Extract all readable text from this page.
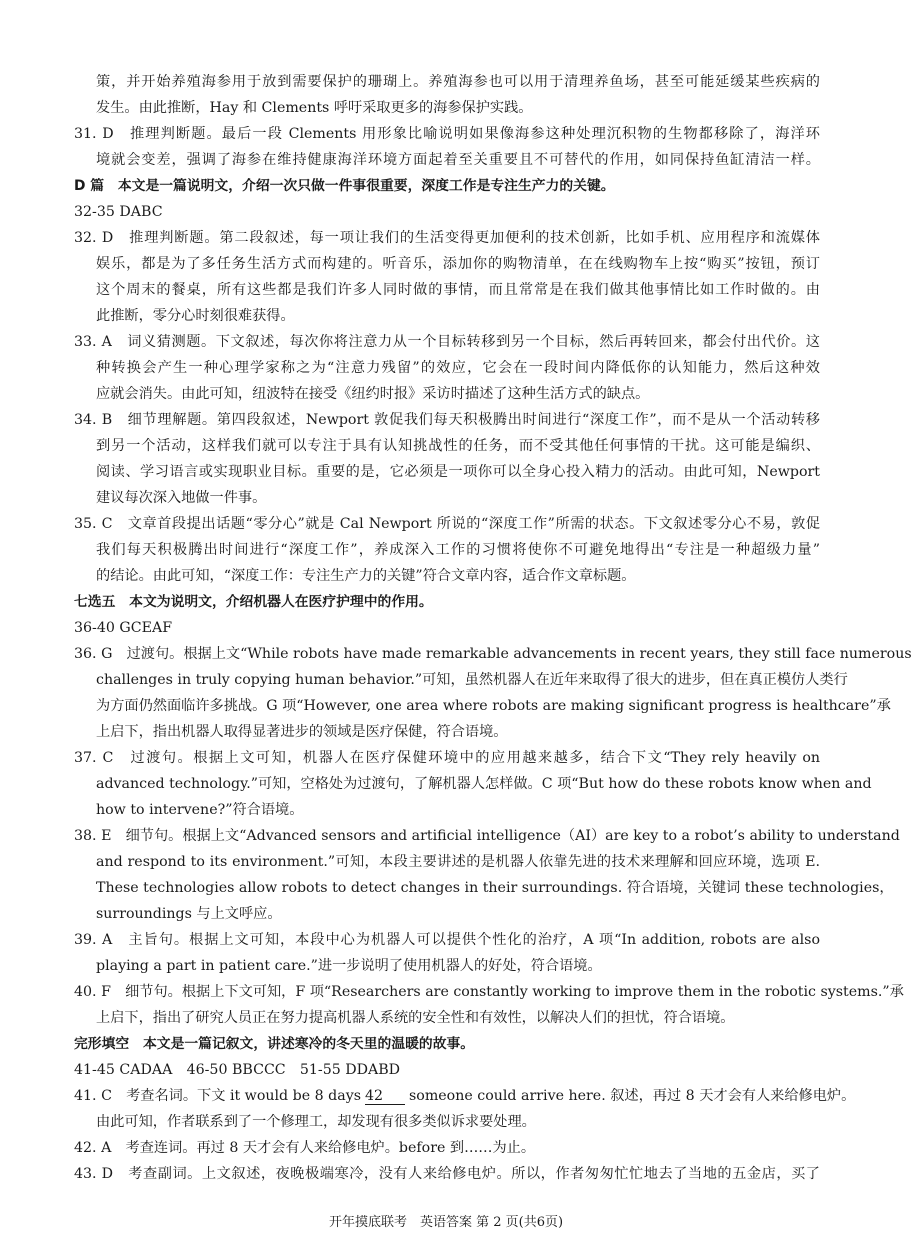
策，并开始养殖海参用于放到需要保护的珊瑚上。养殖海参也可以用于清理养鱼场，甚至可能延缓某些疾病的
发生。由此推断，Hay 和 Clements 呼吁采取更多的海参保护实践。
31. D　推理判断题。最后一段 Clements 用形象比喻说明如果像海参这种处理沉积物的生物都移除了，海洋环
境就会变差，强调了海参在维持健康海洋环境方面起着至关重要且不可替代的作用，如同保持鱼缸清洁一样。
D 篇　本文是一篇说明文，介绍一次只做一件事很重要，深度工作是专注生产力的关键。
32-35 DABC
32. D　推理判断题。第二段叙述，每一项让我们的生活变得更加便利的技术创新，比如手机、应用程序和流媒体
娱乐，都是为了多任务生活方式而构建的。听音乐，添加你的购物清单，在在线购物车上按“购买”按钮，预订
这个周末的餐桌，所有这些都是我们许多人同时做的事情，而且常常是在我们做其他事情比如工作时做的。由
此推断，零分心时刻很难获得。
33. A　词义猜测题。下文叙述，每次你将注意力从一个目标转移到另一个目标，然后再转回来，都会付出代价。这
种转换会产生一种心理学家称之为“注意力残留”的效应，它会在一段时间内降低你的认知能力，然后这种效
应就会消失。由此可知，纽波特在接受《纽约时报》采访时描述了这种生活方式的缺点。
34. B　细节理解题。第四段叙述，Newport 敦促我们每天积极腾出时间进行“深度工作”，而不是从一个活动转移
到另一个活动，这样我们就可以专注于具有认知挑战性的任务，而不受其他任何事情的干扰。这可能是编织、
阅读、学习语言或实现职业目标。重要的是，它必须是一项你可以全身心投入精力的活动。由此可知，Newport
建议每次深入地做一件事。
35. C　文章首段提出话题“零分心”就是 Cal Newport 所说的“深度工作”所需的状态。下文叙述零分心不易，敦促
我们每天积极腾出时间进行“深度工作”，养成深入工作的习惯将使你不可避免地得出“专注是一种超级力量”
的结论。由此可知，“深度工作：专注生产力的关键”符合文章内容，适合作文章标题。
七选五　本文为说明文，介绍机器人在医疗护理中的作用。
36-40 GCEAF
36. G　过渡句。根据上文“While robots have made remarkable advancements in recent years, they still face numerous
challenges in truly copying human behavior.”可知，虽然机器人在近年来取得了很大的进步，但在真正模仿人类行
为方面仍然面临许多挑战。G 项“However, one area where robots are making significant progress is healthcare”承
上启下，指出机器人取得显著进步的领域是医疗保健，符合语境。
37. C　过渡句。根据上文可知，机器人在医疗保健环境中的应用越来越多，结合下文“They rely heavily on
advanced technology.”可知，空格处为过渡句，了解机器人怎样做。C 项“But how do these robots know when and
how to intervene?”符合语境。
38. E　细节句。根据上文“Advanced sensors and artificial intelligence（AI）are key to a robot’s ability to understand
and respond to its environment.”可知，本段主要讲述的是机器人依靠先进的技术来理解和回应环境，选项 E.
These technologies allow robots to detect changes in their surroundings. 符合语境，关键词 these technologies，
surroundings 与上文呼应。
39. A　主旨句。根据上文可知，本段中心为机器人可以提供个性化的治疗，A 项“In addition, robots are also
playing a part in patient care.”进一步说明了使用机器人的好处，符合语境。
40. F　细节句。根据上下文可知，F 项“Researchers are constantly working to improve them in the robotic systems.”承
上启下，指出了研究人员正在努力提高机器人系统的安全性和有效性，以解决人们的担忧，符合语境。
完形填空　本文是一篇记叙文，讲述寒冷的冬天里的温暖的故事。
41-45 CADAA　46-50 BBCCC　51-55 DDABD
41. C　考查名词。下文 it would be 8 days 42 someone could arrive here. 叙述，再过 8 天才会有人来给修电炉。
由此可知，作者联系到了一个修理工，却发现有很多类似诉求要处理。
42. A　考查连词。再过 8 天才会有人来给修电炉。before 到……为止。
43. D　考查副词。上文叙述，夜晚极端寒冷，没有人来给修电炉。所以，作者匆匆忙忙地去了当地的五金店，买了
开年摸底联考　英语答案 第 2 页(共6页)
